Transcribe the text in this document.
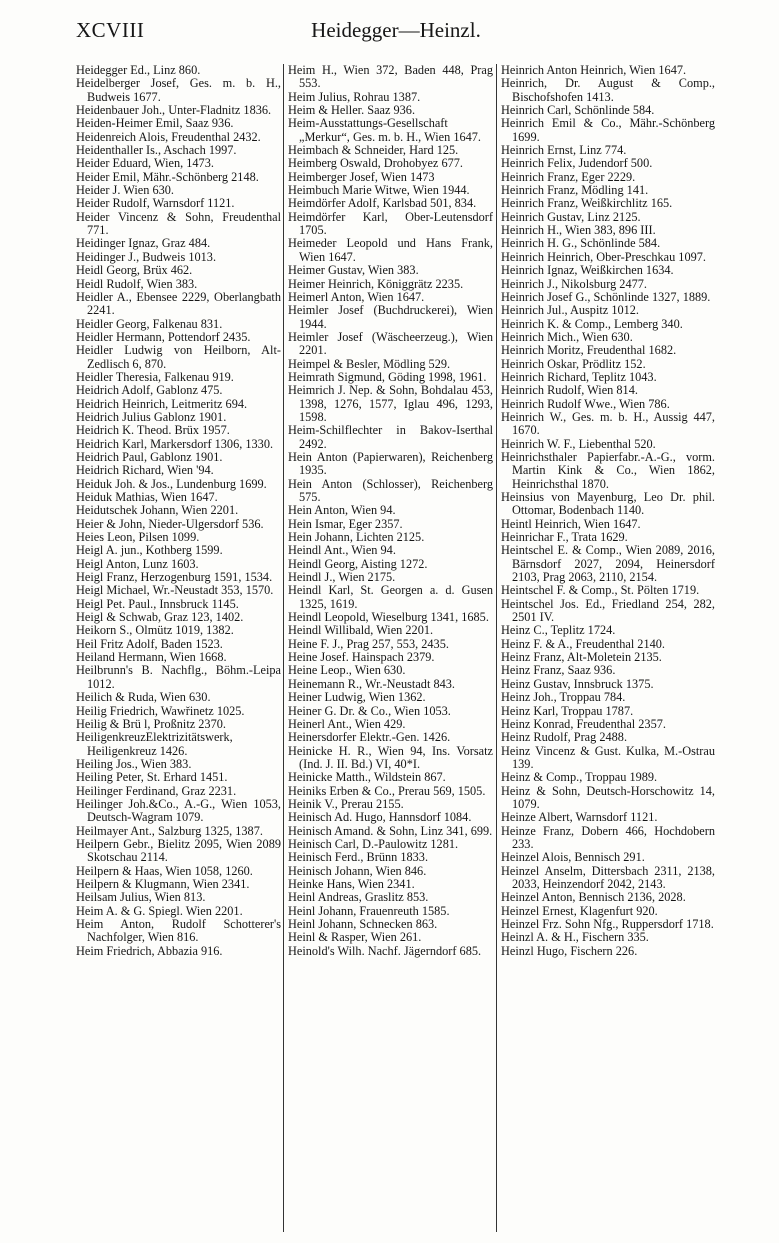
XCVIII	Heidegger—Heinzl.

Heidegger Ed., Linz 860.

Heidelberger Josef, Ges. m. b. H., Budweis 1677.

Heidenbauer Joh., Unter-Fladnitz 1836.

Heiden-Heimer Emil, Saaz 936.

Heidenreich Alois, Freudenthal 2432.

Heidenthaller Is., Aschach 1997.

Heider Eduard, Wien, 1473.

Heider Emil, Mähr.-Schönberg 2148.

Heider J. Wien 630.

Heider Rudolf, Warnsdorf 1121.

Heider Vincenz & Sohn, Freudenthal 771.

Heidinger Ignaz, Graz 484.

Heidinger J., Budweis 1013.

Heidl Georg, Brüx 462.

Heidl Rudolf, Wien 383.

Heidler A., Ebensee 2229, Oberlangbath 2241.

Heidler Georg, Falkenau 831.

Heidler Hermann, Pottendorf 2435.

Heidler Ludwig von Heilborn, Alt-Zedlisch 6, 870.

Heidler Theresia, Falkenau 919.

Heidrich Adolf, Gablonz 475.

Heidrich Heinrich, Leitmeritz 694.

Heidrich Julius Gablonz 1901.

Heidrich K. Theod. Brüx 1957.

Heidrich Karl, Markersdorf 1306, 1330.

Heidrich Paul, Gablonz 1901.

Heidrich Richard, Wien '94.

Heiduk Joh. & Jos., Lundenburg 1699.

Heiduk Mathias, Wien 1647.

Heidutschek Johann, Wien 2201.

Heier & John, Nieder-Ulgersdorf 536.

Heies Leon, Pilsen 1099.

Heigl A. jun., Kothberg 1599.

Heigl Anton, Lunz 1603.

Heigl Franz, Herzogenburg 1591, 1534.

Heigl Michael, Wr.-Neustadt 353, 1570.

Heigl Pet. Paul., Innsbruck 1145.

Heigl & Schwab, Graz 123, 1402.

Heikorn S., Olmütz 1019, 1382.

Heil Fritz Adolf, Baden 1523.

Heiland Hermann, Wien 1668.

Heilbrunn's B. Nachflg., Böhm.-Leipa 1012.

Heilich & Ruda, Wien 630.

Heilig Friedrich, Wawřinetz 1025.

Heilig & Brü l, Proßnitz 2370.

HeiligenkreuzElektrizitätswerk, Heiligenkreuz 1426.

Heiling Jos., Wien 383.

Heiling Peter, St. Erhard 1451.

Heilinger Ferdinand, Graz 2231.

Heilinger Joh.&Co., A.-G., Wien 1053, Deutsch-Wagram 1079.

Heilmayer Ant., Salzburg 1325, 1387.

Heilpern Gebr., Bielitz 2095, Wien 2089 Skotschau 2114.

Heilpern & Haas, Wien 1058, 1260.

Heilpern & Klugmann, Wien 2341.

Heilsam Julius, Wien 813.

Heim A. & G. Spiegl. Wien 2201.

Heim Anton, Rudolf Schotterer's Nachfolger, Wien 816.

Heim Friedrich, Abbazia 916.

Heim H., Wien 372, Baden 448, Prag 553.

Heim Julius, Rohrau 1387.

Heim & Heller. Saaz 936.

Heim-Ausstattungs-Gesellschaft „Merkur“, Ges. m. b. H., Wien 1647.

Heimbach & Schneider, Hard 125.

Heimberg Oswald, Drohobyez 677.

Heimberger Josef, Wien 1473

Heimbuch Marie Witwe, Wien 1944.

Heimdörfer Adolf, Karlsbad 501, 834.

Heimdörfer Karl, Ober-Leutensdorf 1705.

Heimeder Leopold und Hans Frank, Wien 1647.

Heimer Gustav, Wien 383.

Heimer Heinrich, Königgrätz 2235.

Heimerl Anton, Wien 1647.

Heimler Josef (Buchdruckerei), Wien 1944.

Heimler Josef (Wäscheerzeug.), Wien 2201.

Heimpel & Besler, Mödling 529.

Heimrath Sigmund, Göding 1998, 1961.

Heimrich J. Nep. & Sohn, Bohdalau 453, 1398, 1276, 1577, Iglau 496, 1293, 1598.

Heim-Schilflechter in Bakov-Iserthal 2492.

Hein Anton (Papierwaren), Reichenberg 1935.

Hein Anton (Schlosser), Reichenberg 575.

Hein Anton, Wien 94.

Hein Ismar, Eger 2357.

Hein Johann, Lichten 2125.

Heindl Ant., Wien 94.

Heindl Georg, Aisting 1272.

Heindl J., Wien 2175.

Heindl Karl, St. Georgen a. d. Gusen 1325, 1619.

Heindl Leopold, Wieselburg 1341, 1685.

Heindl Willibald, Wien 2201.

Heine F. J., Prag 257, 553, 2435.

Heine Josef. Hainspach 2379.

Heine Leop., Wien 630.

Heinemann R., Wr.-Neustadt 843.

Heiner Ludwig, Wien 1362.

Heiner G. Dr. & Co., Wien 1053.

Heinerl Ant., Wien 429.

Heinersdorfer Elektr.-Gen. 1426.

Heinicke H. R., Wien 94, Ins. Vorsatz (Ind. J. II. Bd.) VI, 40*I.

Heinicke Matth., Wildstein 867.

Heiniks Erben & Co., Prerau 569, 1505.

Heinik V., Prerau 2155.

Heinisch Ad. Hugo, Hannsdorf 1084.

Heinisch Amand. & Sohn, Linz 341, 699.

Heinisch Carl, D.-Paulowitz 1281.

Heinisch Ferd., Brünn 1833.

Heinisch Johann, Wien 846.

Heinke Hans, Wien 2341.

Heinl Andreas, Graslitz 853.

Heinl Johann, Frauenreuth 1585.

Heinl Johann, Schnecken 863.

Heinl & Rasper, Wien 261.

Heinold's Wilh. Nachf. Jägerndorf 685.

Heinrich Anton Heinrich, Wien 1647.

Heinrich, Dr. August & Comp., Bischofshofen 1413.

Heinrich Carl, Schönlinde 584.

Heinrich Emil & Co., Mähr.-Schönberg 1699.

Heinrich Ernst, Linz 774.

Heinrich Felix, Judendorf 500.

Heinrich Franz, Eger 2229.

Heinrich Franz, Mödling 141.

Heinrich Franz, Weißkirchlitz 165.

Heinrich Gustav, Linz 2125.

Heinrich H., Wien 383, 896 III.

Heinrich H. G., Schönlinde 584.

Heinrich Heinrich, Ober-Preschkau 1097.

Heinrich Ignaz, Weißkirchen 1634.

Heinrich J., Nikolsburg 2477.

Heinrich Josef G., Schönlinde 1327, 1889.

Heinrich Jul., Auspitz 1012.

Heinrich K. & Comp., Lemberg 340.

Heinrich Mich., Wien 630.

Heinrich Moritz, Freudenthal 1682.

Heinrich Oskar, Prödlitz 152.

Heinrich Richard, Teplitz 1043.

Heinrich Rudolf, Wien 814.

Heinrich Rudolf Wwe., Wien 786.

Heinrich W., Ges. m. b. H., Aussig 447, 1670.

Heinrich W. F., Liebenthal 520.

Heinrichsthaler Papierfabr.-A.-G., vorm. Martin Kink & Co., Wien 1862, Heinrichsthal 1870.

Heinsius von Mayenburg, Leo Dr. phil. Ottomar, Bodenbach 1140.

Heintl Heinrich, Wien 1647.

Heinrichar F., Trata 1629.

Heintschel E. & Comp., Wien 2089, 2016, Bärnsdorf 2027, 2094, Heinersdorf 2103, Prag 2063, 2110, 2154.

Heintschel F. & Comp., St. Pölten 1719.

Heintschel Jos. Ed., Friedland 254, 282, 2501 IV.

Heinz C., Teplitz 1724.

Heinz F. & A., Freudenthal 2140.

Heinz Franz, Alt-Moletein 2135.

Heinz Franz, Saaz 936.

Heinz Gustav, Innsbruck 1375.

Heinz Joh., Troppau 784.

Heinz Karl, Troppau 1787.

Heinz Konrad, Freudenthal 2357.

Heinz Rudolf, Prag 2488.

Heinz Vincenz & Gust. Kulka, M.-Ostrau 139.

Heinz & Comp., Troppau 1989.

Heinz & Sohn, Deutsch-Horschowitz 14, 1079.

Heinze Albert, Warnsdorf 1121.

Heinze Franz, Dobern 466, Hochdobern 233.

Heinzel Alois, Bennisch 291.

Heinzel Anselm, Dittersbach 2311, 2138, 2033, Heinzendorf 2042, 2143.

Heinzel Anton, Bennisch 2136, 2028.

Heinzel Ernest, Klagenfurt 920.

Heinzel Frz. Sohn Nfg., Ruppersdorf 1718.

Heinzl A. & H., Fischern 335.

Heinzl Hugo, Fischern 226.
